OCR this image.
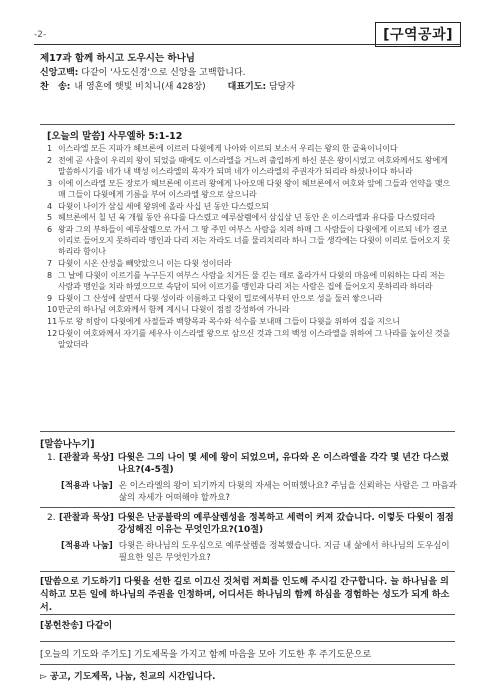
-2-	[구역공과]
제17과 함께 하시고 도우시는 하나님
신앙고백: 다같이 '사도신경'으로 신앙을 고백합니다.
찬   송: 내 영혼에 햇빛 비치니(새 428장) 대표기도: 담당자
[오늘의 말씀] 사무엘하 5:1-12
1 이스라엘 모든 지파가 헤브론에 이르러 다윗에게 나아와 이르되 보소서 우리는 왕의 한 골육이니이다
2 전에 곧 사울이 우리의 왕이 되었을 때에도 이스라엘을 거느려 출입하게 하신 분은 왕이시었고 여호와께서도 왕에게 말씀하시기를 네가 내 백성 이스라엘의 목자가 되며 네가 이스라엘의 주권자가 되리라 하셨나이다 하니라
3 이에 이스라엘 모든 장로가 헤브론에 이르러 왕에게 나아오매 다윗 왕이 헤브론에서 여호와 앞에 그들과 언약을 맺으매 그들이 다윗에게 기름을 부어 이스라엘 왕으로 삼으니라
4 다윗이 나이가 삼십 세에 왕위에 올라 사십 년 동안 다스렸으되
5 헤브론에서 칠 년 육 개월 동안 유다를 다스렸고 예루살렘에서 삼십삼 년 동안 온 이스라엘과 유다를 다스렸더라
6 왕과 그의 부하들이 예루살렘으로 가서 그 땅 주민 여부스 사람을 치려 하매 그 사람들이 다윗에게 이르되 네가 결코 이리로 들어오지 못하리라 맹인과 다리 저는 자라도 너를 물리치리라 하니 그들 생각에는 다윗이 이리로 들어오지 못하리라 함이나
7 다윗이 시온 산성을 빼앗았으니 이는 다윗 성이더라
8 그 날에 다윗이 이르기를 누구든지 여부스 사람을 치거든 물 긷는 데로 올라가서 다윗의 마음에 미워하는 다리 저는 사람과 맹인을 치라 하였으므로 속담이 되어 이르기를 맹인과 다리 저는 사람은 집에 들어오지 못하리라 하더라
9 다윗이 그 산성에 살면서 다윗 성이라 이름하고 다윗이 밀로에서부터 안으로 성을 둘러 쌓으니라
10 만군의 하나님 여호와께서 함께 계시니 다윗이 점점 강성하여 가니라
11 두로 왕 히람이 다윗에게 사절들과 백향목과 목수와 석수를 보내매 그들이 다윗을 위하여 집을 지으니
12 다윗이 여호와께서 자기를 세우사 이스라엘 왕으로 삼으신 것과 그의 백성 이스라엘을 위하여 그 나라를 높이신 것을 알았더라
[말씀나누기]
1. [관찰과 묵상] 다윗은 그의 나이 몇 세에 왕이 되었으며, 유다와 온 이스라엘을 각각 몇 년간 다스렸나요?(4-5절)
[적용과 나눔] 온 이스라엘의 왕이 되기까지 다윗의 자세는 어떠했나요? 주님을 신뢰하는 사람은 그 마음과 삶의 자세가 어떠해야 할까요?
2. [관찰과 묵상] 다윗은 난공불락의 예루살렘성을 정복하고 세력이 커져 갔습니다. 이렇듯 다윗이 점점 강성해진 이유는 무엇인가요?(10절)
[적용과 나눔] 다윗은 하나님의 도우심으로 예루살렘을 정복했습니다. 지금 내 삶에서 하나님의 도우심이 필요한 일은 무엇인가요?
[말씀으로 기도하기] 다윗을 선한 길로 이끄신 것처럼 저희를 인도해 주시길 간구합니다. 늘 하나님을 의식하고 모든 일에 하나님의 주권을 인정하며, 어디서든 하나님의 함께 하심을 경험하는 성도가 되게 하소서.
[봉헌찬송] 다같이
[오늘의 기도와 주기도] 기도제목을 가지고 함께 마음을 모아 기도한 후 주기도문으로
▻ 공고, 기도제목, 나눔, 친교의 시간입니다.
